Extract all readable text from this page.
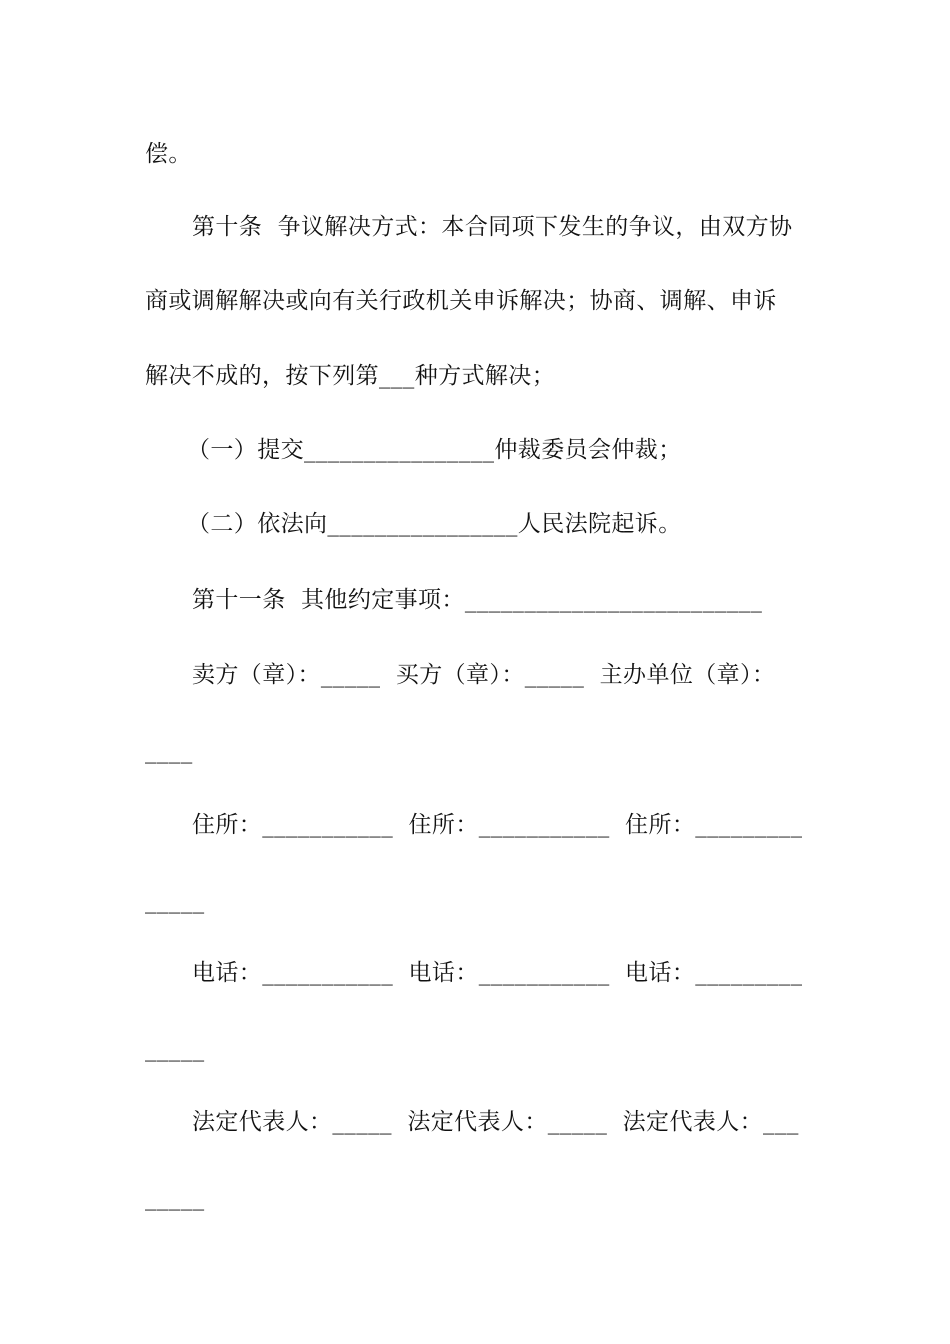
偿。
第十条  争议解决方式：本合同项下发生的争议，由双方协
商或调解解决或向有关行政机关申诉解决；协商、调解、申诉
解决不成的，按下列第___种方式解决；
（一）提交________________仲裁委员会仲裁；
（二）依法向________________人民法院起诉。
第十一条  其他约定事项：_________________________
卖方（章）：_____  买方（章）：_____  主办单位（章）：
____
住所：___________  住所：___________  住所：_________
_____
电话：___________  电话：___________  电话：_________
_____
法定代表人：_____  法定代表人：_____  法定代表人：___
_____
